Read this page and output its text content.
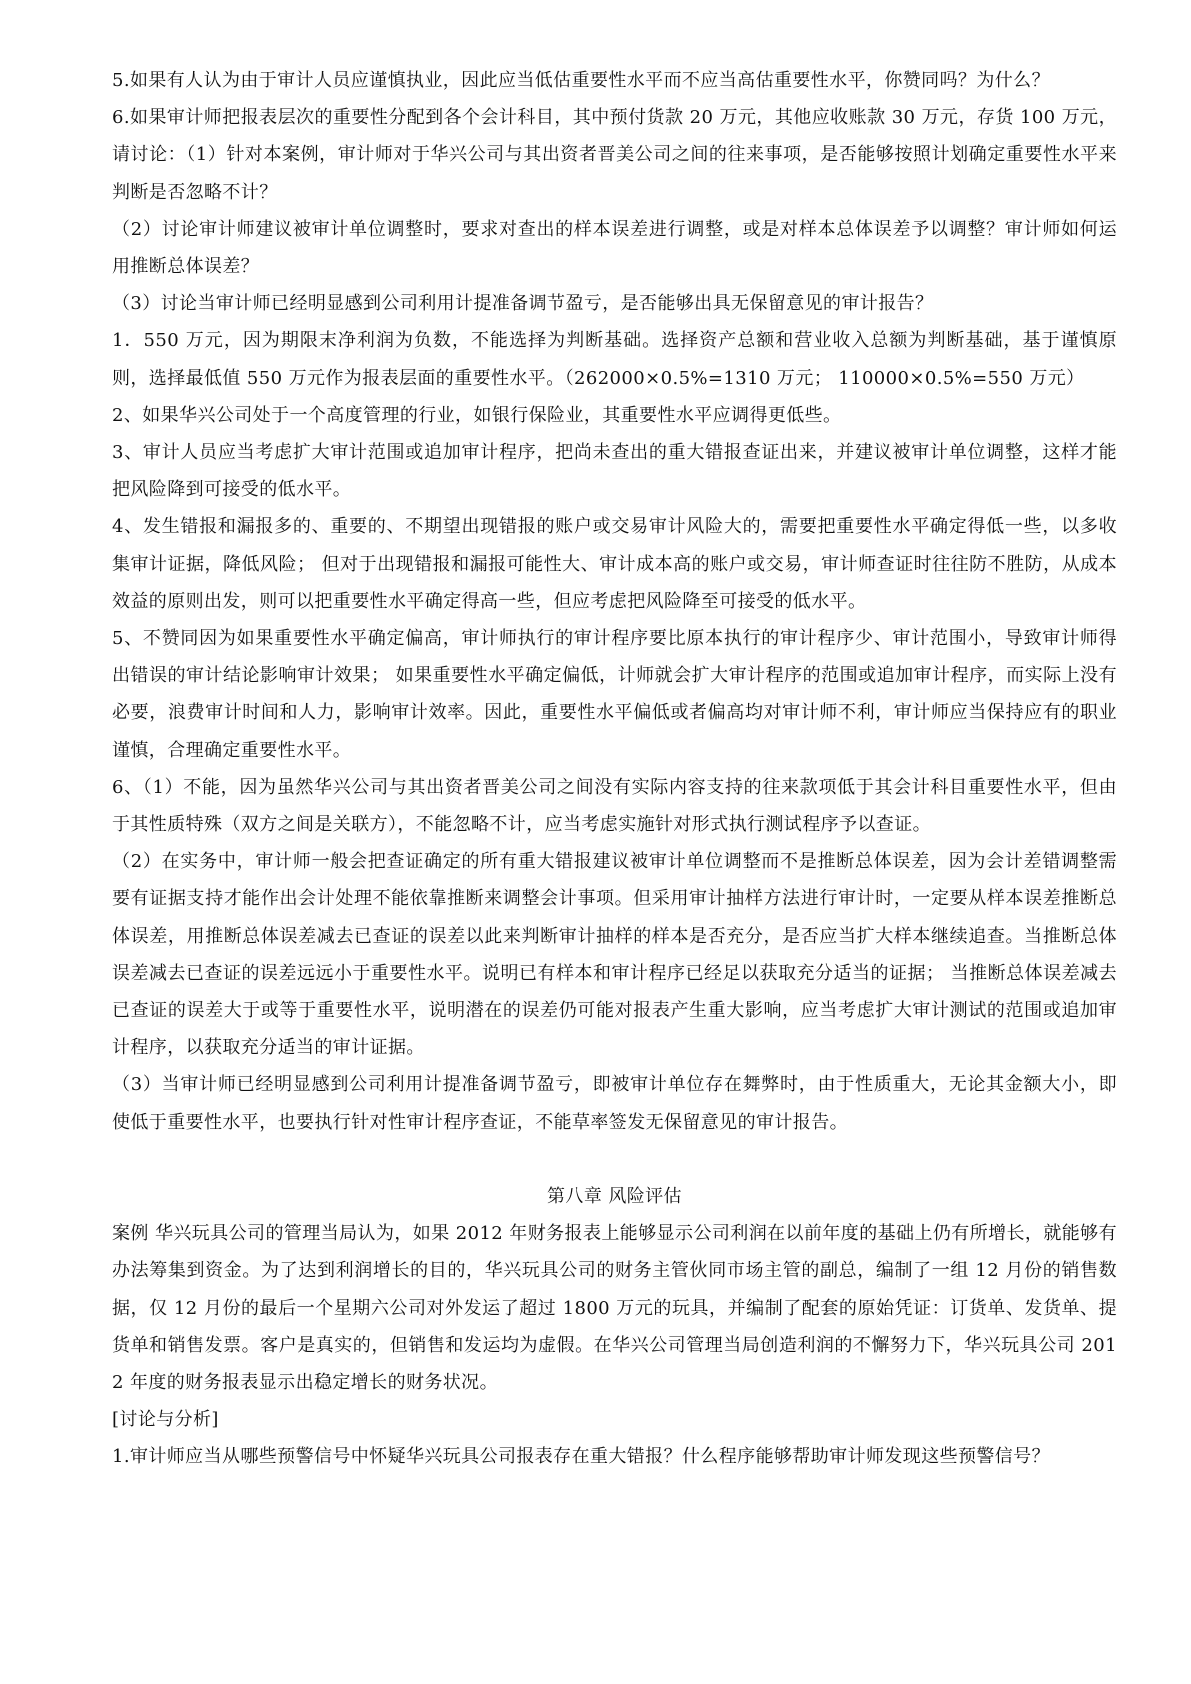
5.如果有人认为由于审计人员应谨慎执业，因此应当低估重要性水平而不应当高估重要性水平，你赞同吗？为什么？

6.如果审计师把报表层次的重要性分配到各个会计科目，其中预付货款 20 万元，其他应收账款 30 万元，存货 100 万元，请讨论：（1）针对本案例，审计师对于华兴公司与其出资者晋美公司之间的往来事项，是否能够按照计划确定重要性水平来判断是否忽略不计？

（2）讨论审计师建议被审计单位调整时，要求对查出的样本误差进行调整，或是对样本总体误差予以调整？审计师如何运用推断总体误差？

（3）讨论当审计师已经明显感到公司利用计提准备调节盈亏，是否能够出具无保留意见的审计报告？

1．550 万元，因为期限末净利润为负数，不能选择为判断基础。选择资产总额和营业收入总额为判断基础，基于谨慎原则，选择最低值 550 万元作为报表层面的重要性水平。（262000×0.5%=1310 万元； 110000×0.5%=550 万元）

2、如果华兴公司处于一个高度管理的行业，如银行保险业，其重要性水平应调得更低些。

3、审计人员应当考虑扩大审计范围或追加审计程序，把尚未查出的重大错报查证出来，并建议被审计单位调整，这样才能把风险降到可接受的低水平。

4、发生错报和漏报多的、重要的、不期望出现错报的账户或交易审计风险大的，需要把重要性水平确定得低一些，以多收集审计证据，降低风险； 但对于出现错报和漏报可能性大、审计成本高的账户或交易，审计师查证时往往防不胜防，从成本效益的原则出发，则可以把重要性水平确定得高一些，但应考虑把风险降至可接受的低水平。

5、不赞同因为如果重要性水平确定偏高，审计师执行的审计程序要比原本执行的审计程序少、审计范围小，导致审计师得出错误的审计结论影响审计效果； 如果重要性水平确定偏低，计师就会扩大审计程序的范围或追加审计程序，而实际上没有必要，浪费审计时间和人力，影响审计效率。因此，重要性水平偏低或者偏高均对审计师不利，审计师应当保持应有的职业谨慎，合理确定重要性水平。

6、（1）不能，因为虽然华兴公司与其出资者晋美公司之间没有实际内容支持的往来款项低于其会计科目重要性水平，但由于其性质特殊（双方之间是关联方），不能忽略不计，应当考虑实施针对形式执行测试程序予以查证。

（2）在实务中，审计师一般会把查证确定的所有重大错报建议被审计单位调整而不是推断总体误差，因为会计差错调整需要有证据支持才能作出会计处理不能依靠推断来调整会计事项。但采用审计抽样方法进行审计时，一定要从样本误差推断总体误差，用推断总体误差减去已查证的误差以此来判断审计抽样的样本是否充分，是否应当扩大样本继续追查。当推断总体误差减去已查证的误差远远小于重要性水平。说明已有样本和审计程序已经足以获取充分适当的证据； 当推断总体误差减去已查证的误差大于或等于重要性水平，说明潜在的误差仍可能对报表产生重大影响，应当考虑扩大审计测试的范围或追加审计程序，以获取充分适当的审计证据。

（3）当审计师已经明显感到公司利用计提准备调节盈亏，即被审计单位存在舞弊时，由于性质重大，无论其金额大小，即使低于重要性水平，也要执行针对性审计程序查证，不能草率签发无保留意见的审计报告。

第八章 风险评估

案例 华兴玩具公司的管理当局认为，如果 2012 年财务报表上能够显示公司利润在以前年度的基础上仍有所增长，就能够有办法筹集到资金。为了达到利润增长的目的，华兴玩具公司的财务主管伙同市场主管的副总，编制了一组 12 月份的销售数据，仅 12 月份的最后一个星期六公司对外发运了超过 1800 万元的玩具，并编制了配套的原始凭证：订货单、发货单、提货单和销售发票。客户是真实的，但销售和发运均为虚假。在华兴公司管理当局创造利润的不懈努力下，华兴玩具公司 2012 年度的财务报表显示出稳定增长的财务状况。

[讨论与分析]

1.审计师应当从哪些预警信号中怀疑华兴玩具公司报表存在重大错报？什么程序能够帮助审计师发现这些预警信号？
